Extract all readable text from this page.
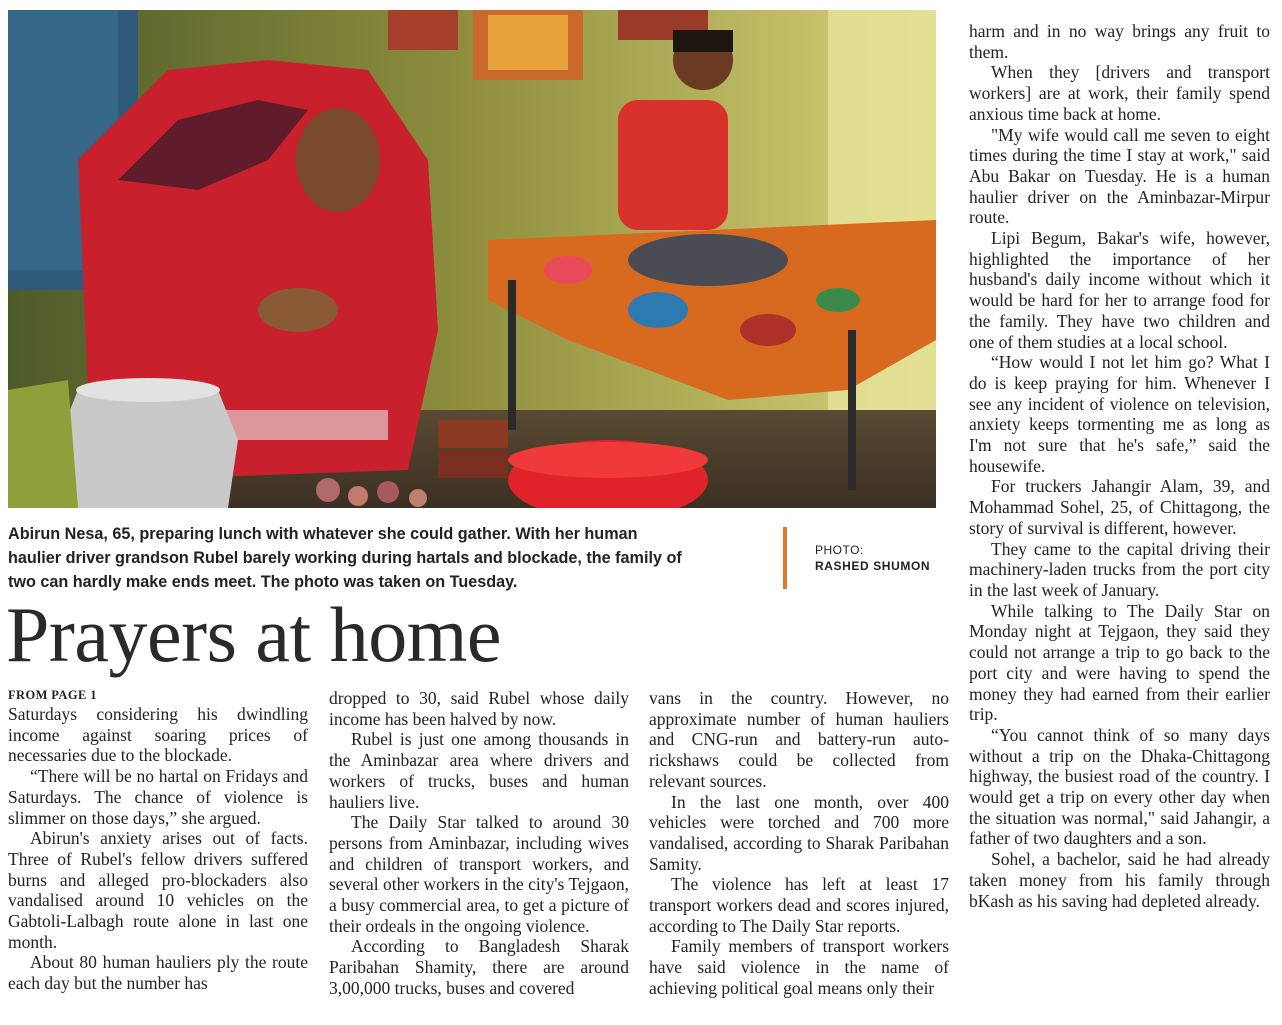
Abirun Nesa, 65, preparing lunch with whatever she could gather. With her human haulier driver grandson Rubel barely working during hartals and blockade, the family of two can hardly make ends meet. The photo was taken on Tuesday.
PHOTO:
RASHED SHUMON
Prayers at home
FROM PAGE 1

Saturdays considering his dwindling income against soaring prices of necessaries due to the blockade.

“There will be no hartal on Fridays and Saturdays. The chance of violence is slimmer on those days,” she argued.

Abirun's anxiety arises out of facts. Three of Rubel's fellow drivers suffered burns and alleged pro-blockaders also vandalised around 10 vehicles on the Gabtoli-Lalbagh route alone in last one month.

About 80 human hauliers ply the route each day but the number has

dropped to 30, said Rubel whose daily income has been halved by now.

Rubel is just one among thousands in the Aminbazar area where drivers and workers of trucks, buses and human hauliers live.

The Daily Star talked to around 30 persons from Aminbazar, including wives and children of transport workers, and several other workers in the city's Tejgaon, a busy commercial area, to get a picture of their ordeals in the ongoing violence.

According to Bangladesh Sharak Paribahan Shamity, there are around 3,00,000 trucks, buses and covered

vans in the country. However, no approximate number of human hauliers and CNG-run and battery-run auto-rickshaws could be collected from relevant sources.

In the last one month, over 400 vehicles were torched and 700 more vandalised, according to Sharak Paribahan Samity.

The violence has left at least 17 transport workers dead and scores injured, according to The Daily Star reports.

Family members of transport workers have said violence in the name of achieving political goal means only their

harm and in no way brings any fruit to them.

When they [drivers and transport workers] are at work, their family spend anxious time back at home.

"My wife would call me seven to eight times during the time I stay at work," said Abu Bakar on Tuesday. He is a human haulier driver on the Aminbazar-Mirpur route.

Lipi Begum, Bakar's wife, however, highlighted the importance of her husband's daily income without which it would be hard for her to arrange food for the family. They have two children and one of them studies at a local school.

“How would I not let him go? What I do is keep praying for him. Whenever I see any incident of violence on television, anxiety keeps tormenting me as long as I'm not sure that he's safe,” said the housewife.

For truckers Jahangir Alam, 39, and Mohammad Sohel, 25, of Chittagong, the story of survival is different, however.

They came to the capital driving their machinery-laden trucks from the port city in the last week of January.

While talking to The Daily Star on Monday night at Tejgaon, they said they could not arrange a trip to go back to the port city and were having to spend the money they had earned from their earlier trip.

“You cannot think of so many days without a trip on the Dhaka-Chittagong highway, the busiest road of the country. I would get a trip on every other day when the situation was normal," said Jahangir, a father of two daughters and a son.

Sohel, a bachelor, said he had already taken money from his family through bKash as his saving had depleted already.
